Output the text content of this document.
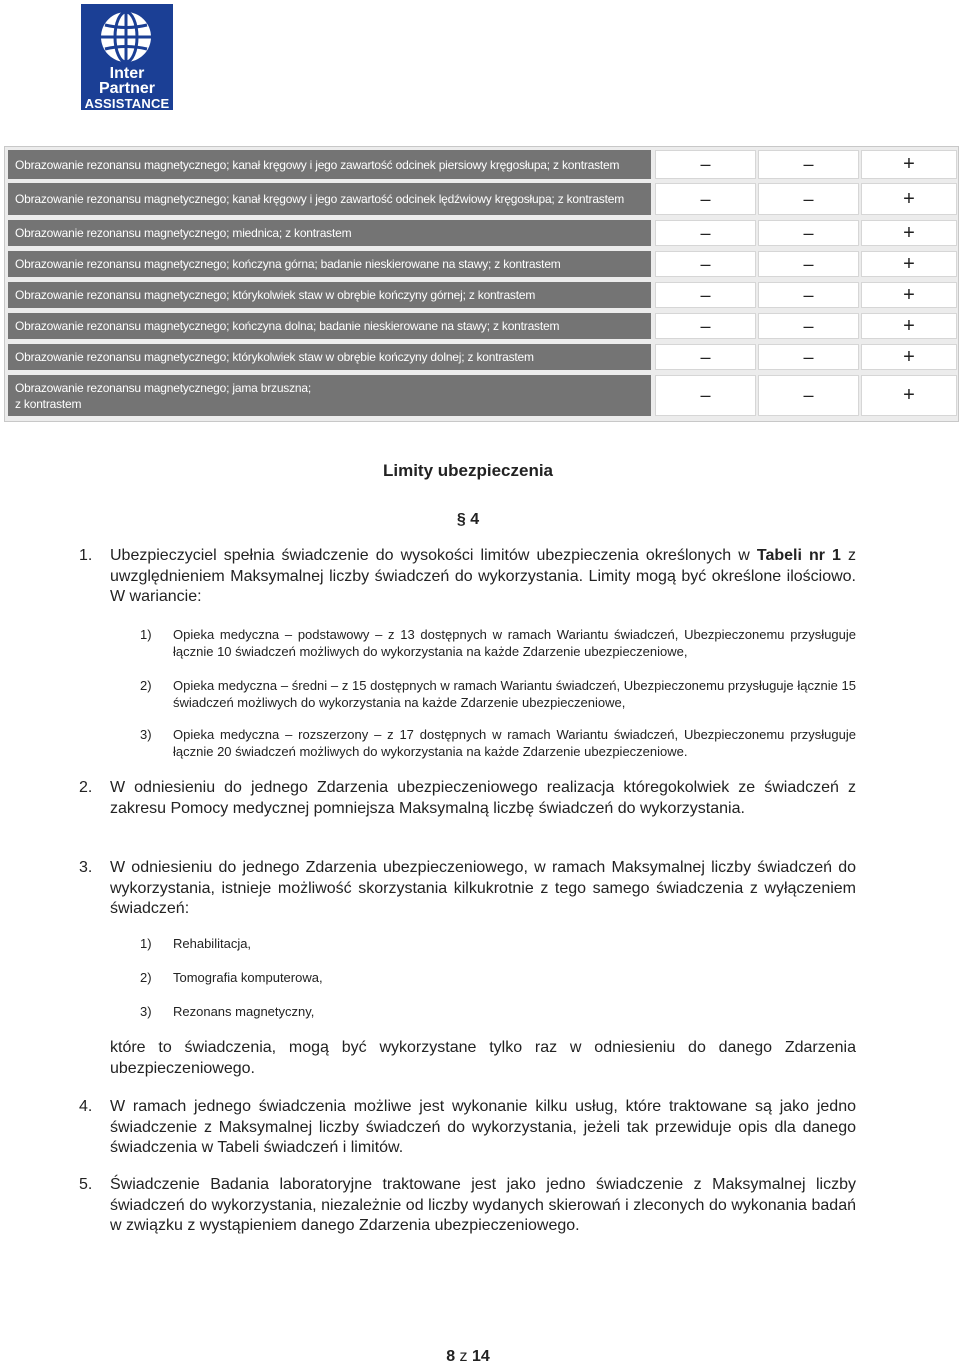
Inter
Partner
ASSISTANCE
Obrazowanie rezonansu magnetycznego; kanał kręgowy i jego zawartość odcinek piersiowy kręgosłupa; z kontrastem	–	–	+
Obrazowanie rezonansu magnetycznego; kanał kręgowy i jego zawartość odcinek lędźwiowy kręgosłupa; z kontrastem	–	–	+
Obrazowanie rezonansu magnetycznego; miednica; z kontrastem	–	–	+
Obrazowanie rezonansu magnetycznego; kończyna górna; badanie nieskierowane na stawy; z kontrastem	–	–	+
Obrazowanie rezonansu magnetycznego; którykolwiek staw w obrębie kończyny górnej; z kontrastem	–	–	+
Obrazowanie rezonansu magnetycznego; kończyna dolna; badanie nieskierowane na stawy; z kontrastem	–	–	+
Obrazowanie rezonansu magnetycznego; którykolwiek staw w obrębie kończyny dolnej; z kontrastem	–	–	+
Obrazowanie rezonansu magnetycznego; jama brzuszna;
z kontrastem	–	–	+
Limity ubezpieczenia
§ 4
1. Ubezpieczyciel spełnia świadczenie do wysokości limitów ubezpieczenia określonych w Tabeli nr 1 z uwzględnieniem Maksymalnej liczby świadczeń do wykorzystania. Limity mogą być określone ilościowo. W wariancie:
1) Opieka medyczna – podstawowy – z 13 dostępnych w ramach Wariantu świadczeń, Ubezpieczonemu przysługuje łącznie 10 świadczeń możliwych do wykorzystania na każde Zdarzenie ubezpieczeniowe,
2) Opieka medyczna – średni – z 15 dostępnych w ramach Wariantu świadczeń, Ubezpieczonemu przysługuje łącznie 15 świadczeń możliwych do wykorzystania na każde Zdarzenie ubezpieczeniowe,
3) Opieka medyczna – rozszerzony – z 17 dostępnych w ramach Wariantu świadczeń, Ubezpieczonemu przysługuje łącznie 20 świadczeń możliwych do wykorzystania na każde Zdarzenie ubezpieczeniowe.
2. W odniesieniu do jednego Zdarzenia ubezpieczeniowego realizacja któregokolwiek ze świadczeń z zakresu Pomocy medycznej pomniejsza Maksymalną liczbę świadczeń do wykorzystania.
3. W odniesieniu do jednego Zdarzenia ubezpieczeniowego, w ramach Maksymalnej liczby świadczeń do wykorzystania, istnieje możliwość skorzystania kilkukrotnie z tego samego świadczenia z wyłączeniem świadczeń:
1) Rehabilitacja,
2) Tomografia komputerowa,
3) Rezonans magnetyczny,
które to świadczenia, mogą być wykorzystane tylko raz w odniesieniu do danego Zdarzenia ubezpieczeniowego.
4. W ramach jednego świadczenia możliwe jest wykonanie kilku usług, które traktowane są jako jedno świadczenie z Maksymalnej liczby świadczeń do wykorzystania, jeżeli tak przewiduje opis dla danego świadczenia w Tabeli świadczeń i limitów.
5. Świadczenie Badania laboratoryjne traktowane jest jako jedno świadczenie z Maksymalnej liczby świadczeń do wykorzystania, niezależnie od liczby wydanych skierowań i zleconych do wykonania badań w związku z wystąpieniem danego Zdarzenia ubezpieczeniowego.
8 z 14
